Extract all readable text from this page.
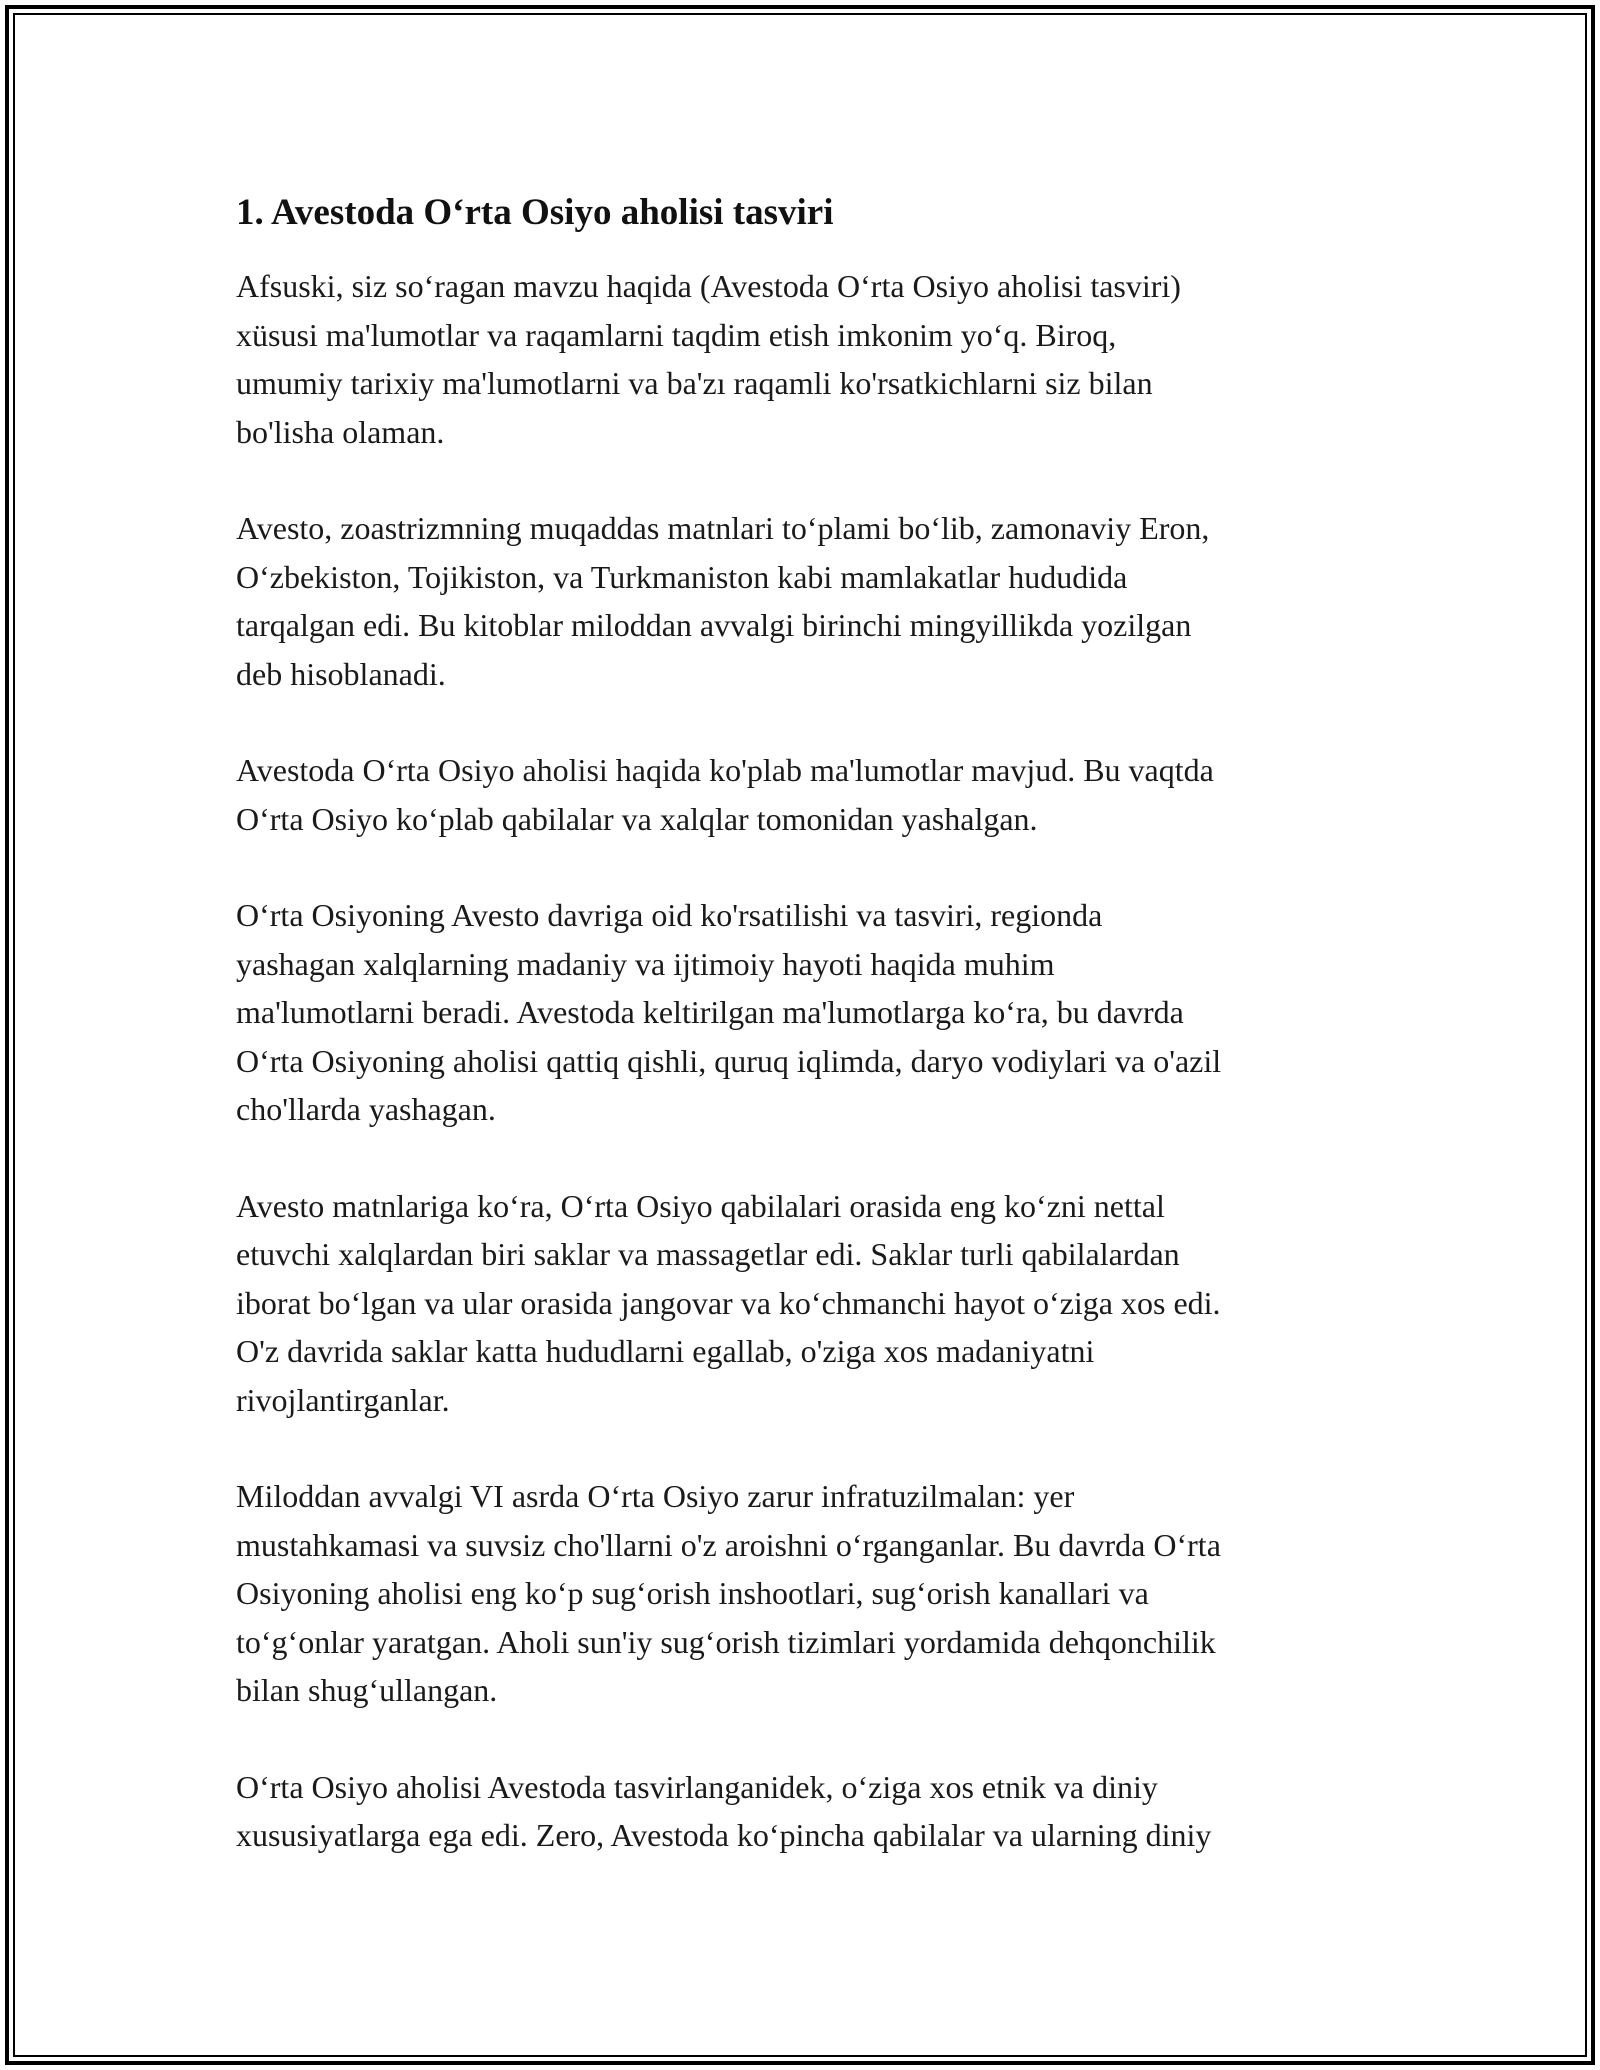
1. Avestoda O‘rta Osiyo aholisi tasviri

Afsuski, siz so‘ragan mavzu haqida (Avestoda O‘rta Osiyo aholisi tasviri)
xüsusi ma'lumotlar va raqamlarni taqdim etish imkonim yo‘q. Biroq,
umumiy tarixiy ma'lumotlarni va ba'zı raqamli ko'rsatkichlarni siz bilan
bo'lisha olaman.

Avesto, zoastrizmning muqaddas matnlari to‘plami bo‘lib, zamonaviy Eron,
O‘zbekiston, Tojikiston, va Turkmaniston kabi mamlakatlar hududida
tarqalgan edi. Bu kitoblar miloddan avvalgi birinchi mingyillikda yozilgan
deb hisoblanadi.

Avestoda O‘rta Osiyo aholisi haqida ko'plab ma'lumotlar mavjud. Bu vaqtda
O‘rta Osiyo ko‘plab qabilalar va xalqlar tomonidan yashalgan.

O‘rta Osiyoning Avesto davriga oid ko'rsatilishi va tasviri, regionda
yashagan xalqlarning madaniy va ijtimoiy hayoti haqida muhim
ma'lumotlarni beradi. Avestoda keltirilgan ma'lumotlarga ko‘ra, bu davrda
O‘rta Osiyoning aholisi qattiq qishli, quruq iqlimda, daryo vodiylari va o'azil
cho'llarda yashagan.

Avesto matnlariga ko‘ra, O‘rta Osiyo qabilalari orasida eng ko‘zni nettal
etuvchi xalqlardan biri saklar va massagetlar edi. Saklar turli qabilalardan
iborat bo‘lgan va ular orasida jangovar va ko‘chmanchi hayot o‘ziga xos edi.
O'z davrida saklar katta hududlarni egallab, o'ziga xos madaniyatni
rivojlantirganlar.

Miloddan avvalgi VI asrda O‘rta Osiyo zarur infratuzilmalan: yer
mustahkamasi va suvsiz cho'llarni o'z aroishni o‘rganganlar. Bu davrda O‘rta
Osiyoning aholisi eng ko‘p sug‘orish inshootlari, sug‘orish kanallari va
to‘g‘onlar yaratgan. Aholi sun'iy sug‘orish tizimlari yordamida dehqonchilik
bilan shug‘ullangan.

O‘rta Osiyo aholisi Avestoda tasvirlanganidek, o‘ziga xos etnik va diniy
xususiyatlarga ega edi. Zero, Avestoda ko‘pincha qabilalar va ularning diniy
